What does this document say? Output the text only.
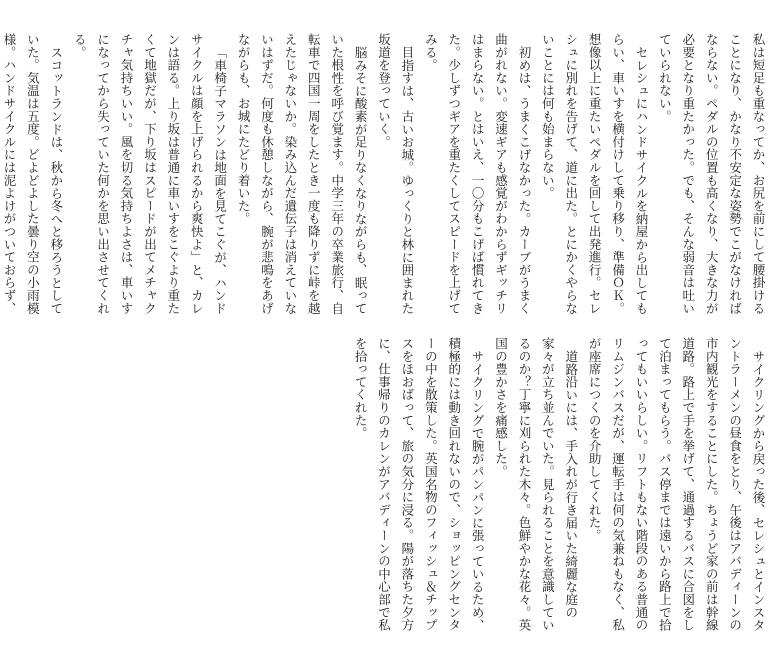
私は短足も重なってか、お尻を前にして腰掛けることになり、かなり不安定な姿勢でこがなければならない。ペダルの位置も高くなり、大きな力が必要となり重たかった。でも、そんな弱音は吐いていられない。

セレシュにハンドサイクルを納屋から出してもらい、車いすを横付けして乗り移り、準備ＯＫ。想像以上に重たいペダルを回して出発進行。セレシュに別れを告げて、道に出た。とにかくやらないことには何も始まらない。

初めは、うまくこげなかった。カーブがうまく曲がれない。変速ギアも感覚がわからずギッチリはまらない。とはいえ、一〇分もこげば慣れてきた。少しずつギアを重たくしてスピードを上げてみる。

目指すは、古いお城。ゆっくりと林に囲まれた坂道を登っていく。

脳みそに酸素が足りなくなりながらも、眠っていた根性を呼び覚ます。中学三年の卒業旅行、自転車で四国一周をしたとき一度も降りずに峠を越えたじゃないか。染み込んだ遺伝子は消えていないはずだ。何度も休憩しながら、腕が悲鳴をあげながらも、お城にたどり着いた。

「車椅子マラソンは地面を見てこぐが、ハンドサイクルは顔を上げられるから爽快よ」と、カレンは語る。上り坂は普通に車いすをこぐより重たくて地獄だが、下り坂はスピードが出てメチャクチャ気持ちいい。風を切る気持ちよさは、車いすになってから失っていた何かを思い出させてくれる。

スコットランドは、秋から冬へと移ろうとしていた。気温は五度。どよどよした曇り空の小雨模様。ハンドサイクルには泥よけがついておらず、

サイクリングから戻った後、セレシュとインスタントラーメンの昼食をとり、午後はアバディーンの市内観光をすることにした。ちょうど家の前は幹線道路。路上で手を挙げて、通過するバスに合図をして泊まってもらう。バス停までは遠いから路上で拾ってもいいらしい。リフトもない階段のある普通のリムジンバスだが、運転手は何の気兼ねもなく、私が座席につくのを介助してくれた。

道路沿いには、手入れが行き届いた綺麗な庭の家々が立ち並んでいた。見られることを意識しているのか？丁寧に刈られた木々。色鮮やかな花々。英国の豊かさを痛感した。

サイクリングで腕がパンパンに張っているため、積極的には動き回れないので、ショッピングセンターの中を散策した。英国名物のフィッシュ＆チップスをほおばって、旅の気分に浸る。陽が落ちた夕方に、仕事帰りのカレンがアバディーンの中心部で私を拾ってくれた。
